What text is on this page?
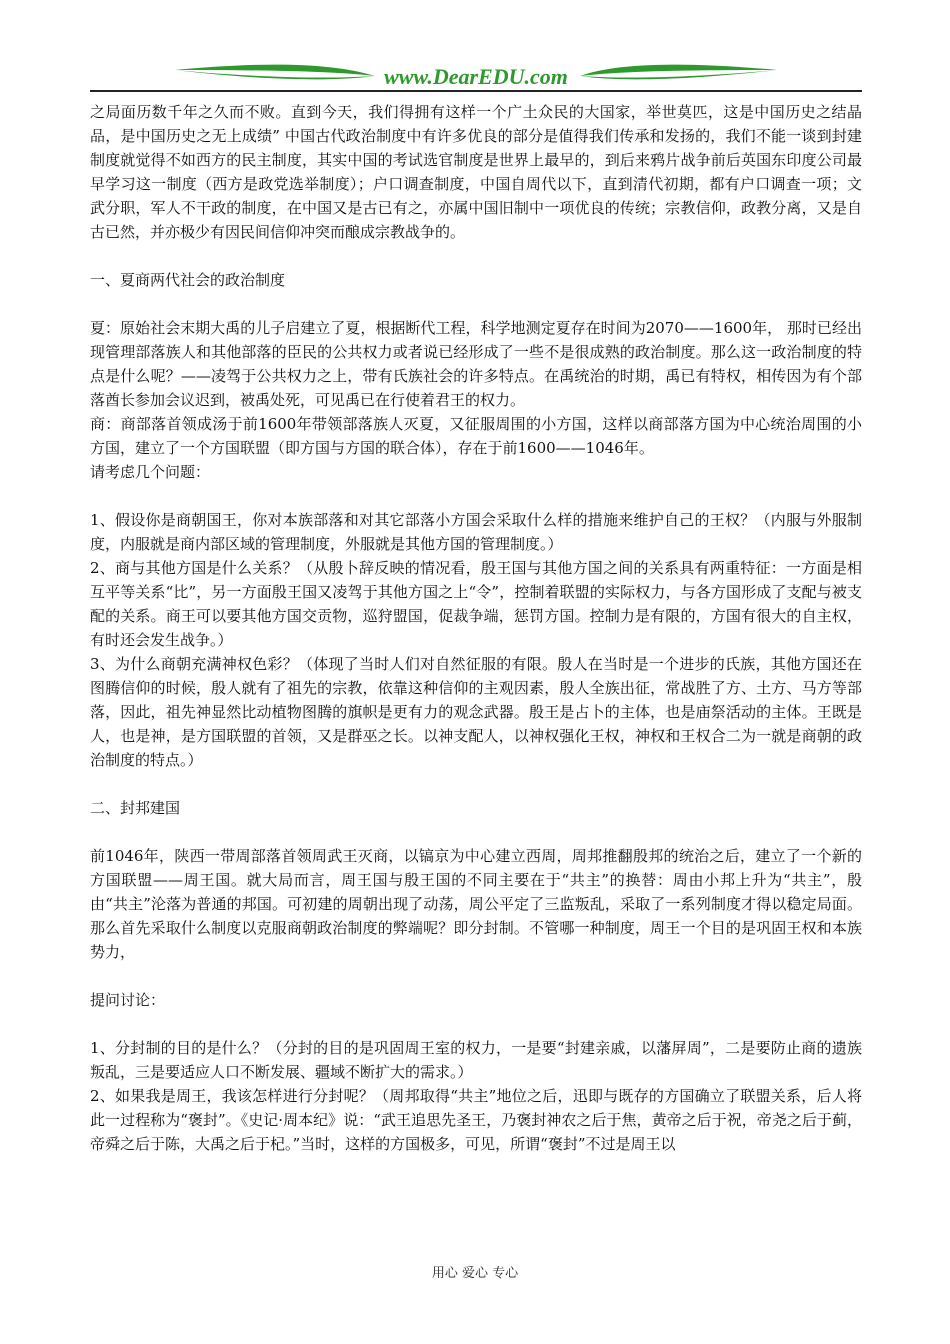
www.DearEDU.com

之局面历数千年之久而不败。直到今天，我们得拥有这样一个广土众民的大国家，举世莫匹，这是中国历史之结晶品，是中国历史之无上成绩” 中国古代政治制度中有许多优良的部分是值得我们传承和发扬的，我们不能一谈到封建制度就觉得不如西方的民主制度，其实中国的考试选官制度是世界上最早的，到后来鸦片战争前后英国东印度公司最早学习这一制度（西方是政党选举制度）；户口调查制度，中国自周代以下，直到清代初期，都有户口调查一项；文武分职，军人不干政的制度，在中国又是古已有之，亦属中国旧制中一项优良的传统；宗教信仰，政教分离，又是自古已然，并亦极少有因民间信仰冲突而酿成宗教战争的。

一、夏商两代社会的政治制度

夏：原始社会末期大禹的儿子启建立了夏，根据断代工程，科学地测定夏存在时间为2070——1600年， 那时已经出现管理部落族人和其他部落的臣民的公共权力或者说已经形成了一些不是很成熟的政治制度。那么这一政治制度的特点是什么呢？——凌驾于公共权力之上，带有氏族社会的许多特点。在禹统治的时期，禹已有特权，相传因为有个部落酋长参加会议迟到，被禹处死，可见禹已在行使着君王的权力。

商：商部落首领成汤于前1600年带领部落族人灭夏，又征服周围的小方国，这样以商部落方国为中心统治周围的小方国，建立了一个方国联盟（即方国与方国的联合体），存在于前1600——1046年。

请考虑几个问题：

1、假设你是商朝国王，你对本族部落和对其它部落小方国会采取什么样的措施来维护自己的王权？（内服与外服制度，内服就是商内部区域的管理制度，外服就是其他方国的管理制度。）

2、商与其他方国是什么关系？（从殷卜辞反映的情况看，殷王国与其他方国之间的关系具有两重特征：一方面是相互平等关系“比”，另一方面殷王国又凌驾于其他方国之上“令”，控制着联盟的实际权力，与各方国形成了支配与被支配的关系。商王可以要其他方国交贡物，巡狩盟国，促裁争端，惩罚方国。控制力是有限的，方国有很大的自主权，有时还会发生战争。）

3、为什么商朝充满神权色彩？（体现了当时人们对自然征服的有限。殷人在当时是一个进步的氏族，其他方国还在图腾信仰的时候，殷人就有了祖先的宗教，依靠这种信仰的主观因素，殷人全族出征，常战胜了方、土方、马方等部落，因此，祖先神显然比动植物图腾的旗帜是更有力的观念武器。殷王是占卜的主体，也是庙祭活动的主体。王既是人，也是神，是方国联盟的首领，又是群巫之长。以神支配人，以神权强化王权，神权和王权合二为一就是商朝的政治制度的特点。）

二、封邦建国

前1046年，陕西一带周部落首领周武王灭商，以镐京为中心建立西周，周邦推翻殷邦的统治之后，建立了一个新的方国联盟——周王国。就大局而言，周王国与殷王国的不同主要在于“共主”的换替：周由小邦上升为“共主”，殷由“共主”沦落为普通的邦国。可初建的周朝出现了动荡，周公平定了三监叛乱，采取了一系列制度才得以稳定局面。那么首先采取什么制度以克服商朝政治制度的弊端呢？即分封制。不管哪一种制度，周王一个目的是巩固王权和本族势力，

提问讨论：

1、分封制的目的是什么？（分封的目的是巩固周王室的权力，一是要“封建亲戚，以藩屏周”，二是要防止商的遗族叛乱，三是要适应人口不断发展、疆域不断扩大的需求。）

2、如果我是周王，我该怎样进行分封呢？（周邦取得“共主”地位之后，迅即与既存的方国确立了联盟关系，后人将此一过程称为“褒封”。《史记·周本纪》说：“武王追思先圣王，乃褒封神农之后于焦，黄帝之后于祝，帝尧之后于蓟，帝舜之后于陈，大禹之后于杞。”当时，这样的方国极多，可见，所谓“褒封”不过是周王以

用心 爱心 专心
